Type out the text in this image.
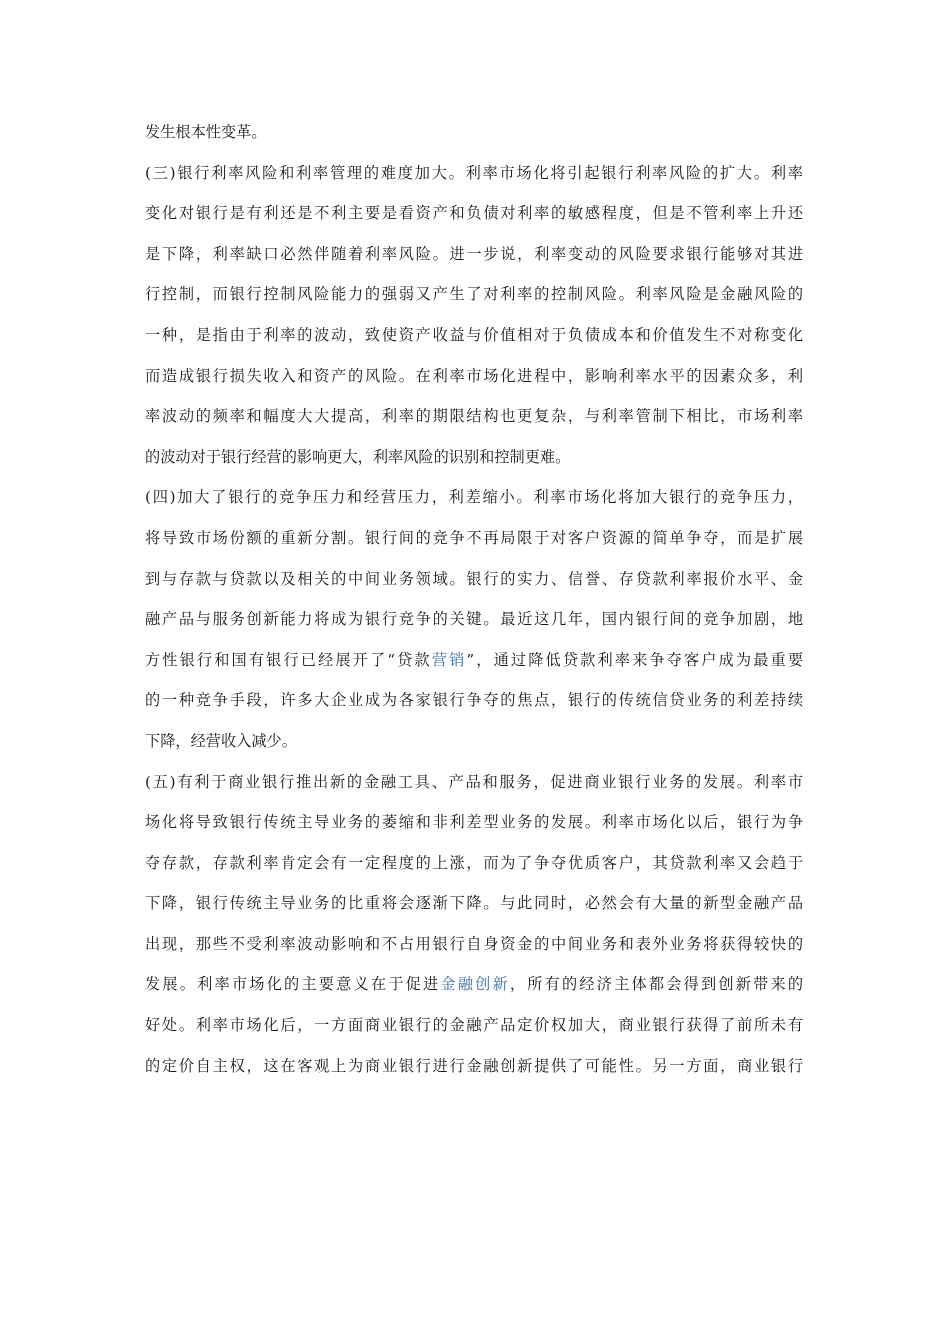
发生根本性变革。
(三)银行利率风险和利率管理的难度加大。利率市场化将引起银行利率风险的扩大。利率
变化对银行是有利还是不利主要是看资产和负债对利率的敏感程度，但是不管利率上升还
是下降，利率缺口必然伴随着利率风险。进一步说，利率变动的风险要求银行能够对其进
行控制，而银行控制风险能力的强弱又产生了对利率的控制风险。利率风险是金融风险的
一种，是指由于利率的波动，致使资产收益与价值相对于负债成本和价值发生不对称变化
而造成银行损失收入和资产的风险。在利率市场化进程中，影响利率水平的因素众多，利
率波动的频率和幅度大大提高，利率的期限结构也更复杂，与利率管制下相比，市场利率
的波动对于银行经营的影响更大，利率风险的识别和控制更难。
(四)加大了银行的竞争压力和经营压力，利差缩小。利率市场化将加大银行的竞争压力，
将导致市场份额的重新分割。银行间的竞争不再局限于对客户资源的简单争夺，而是扩展
到与存款与贷款以及相关的中间业务领域。银行的实力、信誉、存贷款利率报价水平、金
融产品与服务创新能力将成为银行竞争的关键。最近这几年，国内银行间的竞争加剧，地
方性银行和国有银行已经展开了“贷款营销”，通过降低贷款利率来争夺客户成为最重要
的一种竞争手段，许多大企业成为各家银行争夺的焦点，银行的传统信贷业务的利差持续
下降，经营收入减少。
(五)有利于商业银行推出新的金融工具、产品和服务，促进商业银行业务的发展。利率市
场化将导致银行传统主导业务的萎缩和非利差型业务的发展。利率市场化以后，银行为争
夺存款，存款利率肯定会有一定程度的上涨，而为了争夺优质客户，其贷款利率又会趋于
下降，银行传统主导业务的比重将会逐渐下降。与此同时，必然会有大量的新型金融产品
出现，那些不受利率波动影响和不占用银行自身资金的中间业务和表外业务将获得较快的
发展。利率市场化的主要意义在于促进金融创新，所有的经济主体都会得到创新带来的
好处。利率市场化后，一方面商业银行的金融产品定价权加大，商业银行获得了前所未有
的定价自主权，这在客观上为商业银行进行金融创新提供了可能性。另一方面，商业银行
